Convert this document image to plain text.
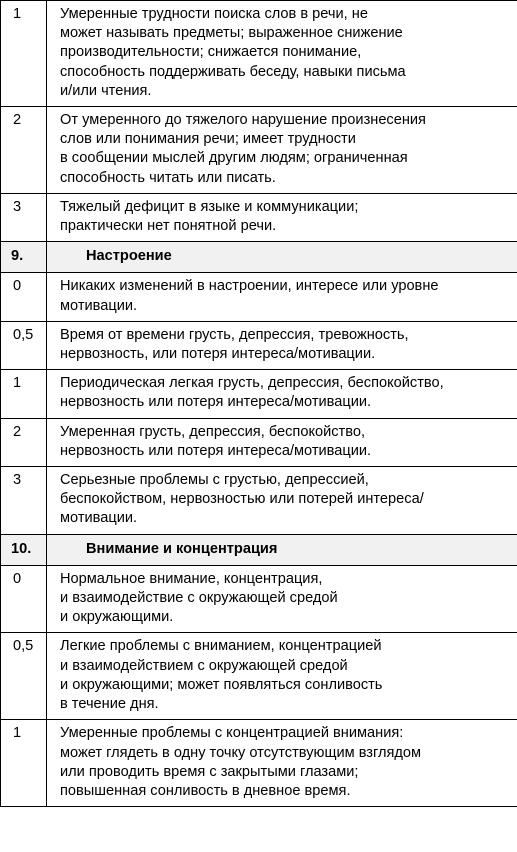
1	Умеренные трудности поиска слов в речи, не
может называть предметы; выраженное снижение
производительности; снижается понимание,
способность поддерживать беседу, навыки письма
и/или чтения.
2	От умеренного до тяжелого нарушение произнесения
слов или понимания речи; имеет трудности
в сообщении мыслей другим людям; ограниченная
способность читать или писать.
3	Тяжелый дефицит в языке и коммуникации;
практически нет понятной речи.
9.	Настроение
0	Никаких изменений в настроении, интересе или уровне
мотивации.
0,5	Время от времени грусть, депрессия, тревожность,
нервозность, или потеря интереса/мотивации.
1	Периодическая легкая грусть, депрессия, беспокойство,
нервозность или потеря интереса/мотивации.
2	Умеренная грусть, депрессия, беспокойство,
нервозность или потеря интереса/мотивации.
3	Серьезные проблемы с грустью, депрессией,
беспокойством, нервозностью или потерей интереса/
мотивации.
10.	Внимание и концентрация
0	Нормальное внимание, концентрация,
и взаимодействие с окружающей средой
и окружающими.
0,5	Легкие проблемы с вниманием, концентрацией
и взаимодействием с окружающей средой
и окружающими; может появляться сонливость
в течение дня.
1	Умеренные проблемы с концентрацией внимания:
может глядеть в одну точку отсутствующим взглядом
или проводить время с закрытыми глазами;
повышенная сонливость в дневное время.
